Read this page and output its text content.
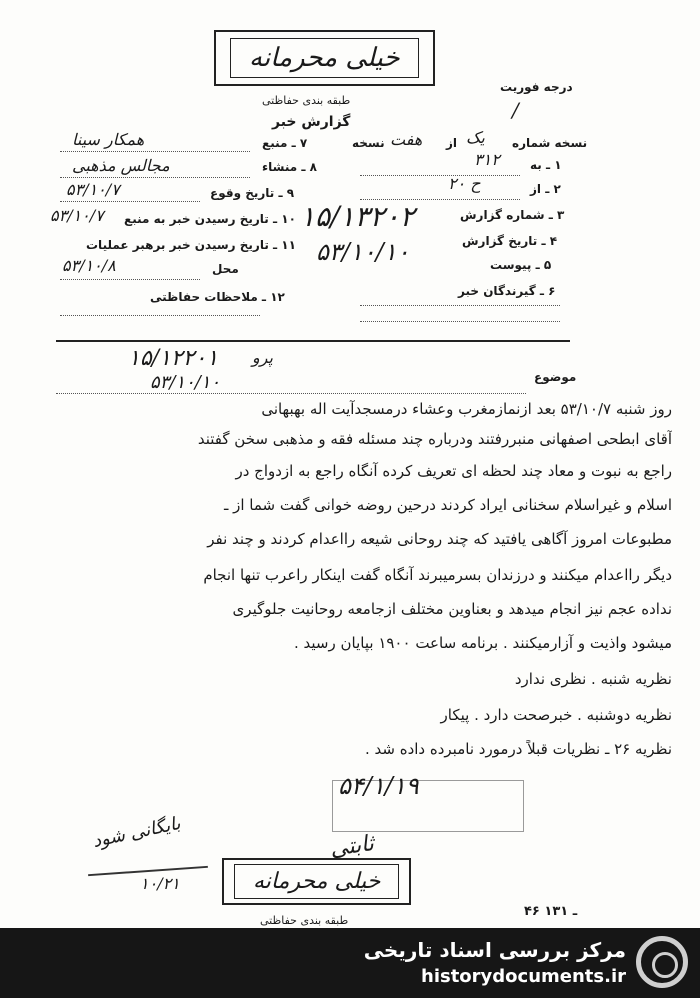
خیلی محرمانه
طبقه بندی حفاظتی
درجه فوریت
/
گزارش خبر
نسخه شماره
یک
از
هفت
نسخه
۱ ـ به
۳۱۲
۲ ـ از
ح ۲۰
۳ ـ شماره گزارش
۴ ـ تاریخ گزارش
۵ ـ پیوست
۶ ـ گیرندگان خبر
۱۵/۱۳۲۰۲
۵۳/۱۰/۱۰
۷ ـ منبع
همکار سینا
۸ ـ منشاء
مجالس مذهبی
۹ ـ تاریخ وقوع
۵۳/۱۰/۷
۱۰ ـ تاریخ رسیدن خبر به منبع
۵۳/۱۰/۷
۱۱ ـ تاریخ رسیدن خبر برهبر عملیات
محل
۵۳/۱۰/۸
۱۲ ـ ملاحظات حفاظتی
۱۵/۱۲۲۰۱ پرو
۵۳/۱۰/۱۰	موضوع
روز شنبه ۵۳/۱۰/۷ بعد ازنمازمغرب وعشاء درمسجدآیت اله بهبهانی
آقای ابطحی اصفهانی منبررفتند ودرباره چند مسئله فقه و مذهبی سخن گفتند
راجع به نبوت و معاد چند لحظه ای تعریف کرده آنگاه راجع به ازدواج در
اسلام و غیراسلام سخنانی ایراد کردند درحین روضه خوانی گفت شما از ـ
مطبوعات امروز آگاهی یافتید که چند روحانی شیعه رااعدام کردند و چند نفر
دیگر رااعدام میکنند و درزندان بسرمیبرند آنگاه گفت اینکار راعرب تنها انجام
نداده عجم نیز انجام میدهد و بعناوین مختلف ازجامعه روحانیت جلوگیری
میشود واذیت و آزارمیکنند . برنامه ساعت ۱۹۰۰ بپایان رسید .
نظریه شنبه . نظری ندارد
نظریه دوشنبه . خبرصحت دارد . پیکار
نظریه ۲۶ ـ نظریات قبلاً درمورد نامبرده داده شد .
۵۴/۱/۱۹
بایگانی شود
۱۰/۲۱
ثابتی
خیلی محرمانه
طبقه بندی حفاظتی
۴۶ ـ ۱۳۱
مرکز بررسی اسناد تاریخی
historydocuments.ir
